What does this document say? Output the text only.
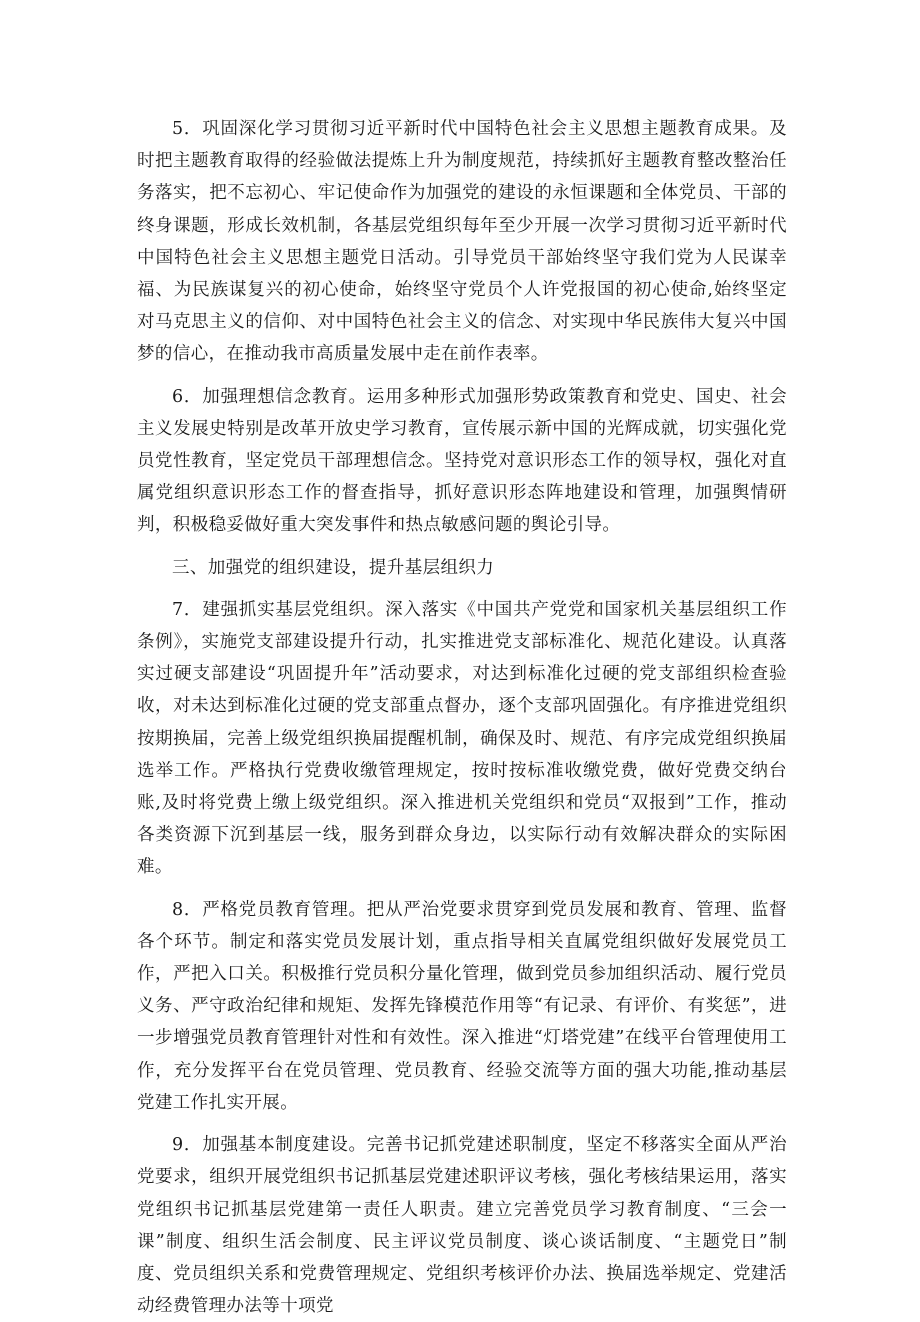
5．巩固深化学习贯彻习近平新时代中国特色社会主义思想主题教育成果。及时把主题教育取得的经验做法提炼上升为制度规范，持续抓好主题教育整改整治任务落实，把不忘初心、牢记使命作为加强党的建设的永恒课题和全体党员、干部的终身课题，形成长效机制，各基层党组织每年至少开展一次学习贯彻习近平新时代中国特色社会主义思想主题党日活动。引导党员干部始终坚守我们党为人民谋幸福、为民族谋复兴的初心使命，始终坚守党员个人许党报国的初心使命,始终坚定对马克思主义的信仰、对中国特色社会主义的信念、对实现中华民族伟大复兴中国梦的信心，在推动我市高质量发展中走在前作表率。

6．加强理想信念教育。运用多种形式加强形势政策教育和党史、国史、社会主义发展史特别是改革开放史学习教育，宣传展示新中国的光辉成就，切实强化党员党性教育，坚定党员干部理想信念。坚持党对意识形态工作的领导权，强化对直属党组织意识形态工作的督查指导，抓好意识形态阵地建设和管理，加强舆情研判，积极稳妥做好重大突发事件和热点敏感问题的舆论引导。

三、加强党的组织建设，提升基层组织力

7．建强抓实基层党组织。深入落实《中国共产党党和国家机关基层组织工作条例》，实施党支部建设提升行动，扎实推进党支部标准化、规范化建设。认真落实过硬支部建设“巩固提升年”活动要求，对达到标准化过硬的党支部组织检查验收，对未达到标准化过硬的党支部重点督办，逐个支部巩固强化。有序推进党组织按期换届，完善上级党组织换届提醒机制，确保及时、规范、有序完成党组织换届选举工作。严格执行党费收缴管理规定，按时按标准收缴党费，做好党费交纳台账,及时将党费上缴上级党组织。深入推进机关党组织和党员“双报到”工作，推动各类资源下沉到基层一线，服务到群众身边，以实际行动有效解决群众的实际困难。

8．严格党员教育管理。把从严治党要求贯穿到党员发展和教育、管理、监督各个环节。制定和落实党员发展计划，重点指导相关直属党组织做好发展党员工作，严把入口关。积极推行党员积分量化管理，做到党员参加组织活动、履行党员义务、严守政治纪律和规矩、发挥先锋模范作用等“有记录、有评价、有奖惩”，进一步增强党员教育管理针对性和有效性。深入推进“灯塔党建”在线平台管理使用工作，充分发挥平台在党员管理、党员教育、经验交流等方面的强大功能,推动基层党建工作扎实开展。

9．加强基本制度建设。完善书记抓党建述职制度，坚定不移落实全面从严治党要求，组织开展党组织书记抓基层党建述职评议考核，强化考核结果运用，落实党组织书记抓基层党建第一责任人职责。建立完善党员学习教育制度、“三会一课”制度、组织生活会制度、民主评议党员制度、谈心谈话制度、“主题党日”制度、党员组织关系和党费管理规定、党组织考核评价办法、换届选举规定、党建活动经费管理办法等十项党
